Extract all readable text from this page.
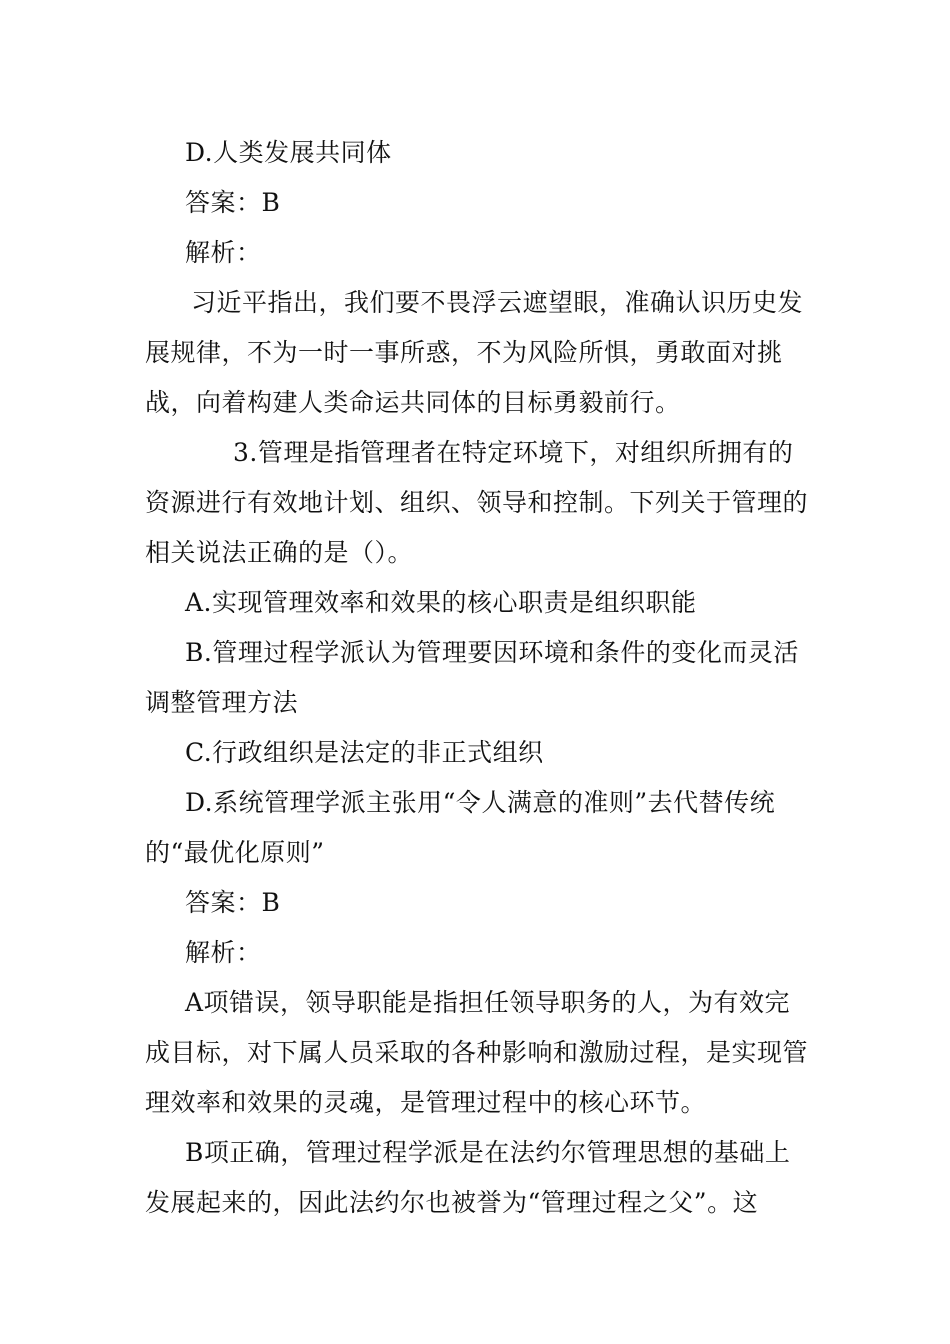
D.人类发展共同体

答案：B

解析：

习近平指出，我们要不畏浮云遮望眼，准确认识历史发展规律，不为一时一事所惑，不为风险所惧，勇敢面对挑战，向着构建人类命运共同体的目标勇毅前行。

3.管理是指管理者在特定环境下，对组织所拥有的资源进行有效地计划、组织、领导和控制。下列关于管理的相关说法正确的是（）。

A.实现管理效率和效果的核心职责是组织职能

B.管理过程学派认为管理要因环境和条件的变化而灵活调整管理方法

C.行政组织是法定的非正式组织

D.系统管理学派主张用“令人满意的准则”去代替传统的“最优化原则”

答案：B

解析：

A项错误，领导职能是指担任领导职务的人，为有效完成目标，对下属人员采取的各种影响和激励过程，是实现管理效率和效果的灵魂，是管理过程中的核心环节。

B项正确，管理过程学派是在法约尔管理思想的基础上发展起来的，因此法约尔也被誉为“管理过程之父”。这
